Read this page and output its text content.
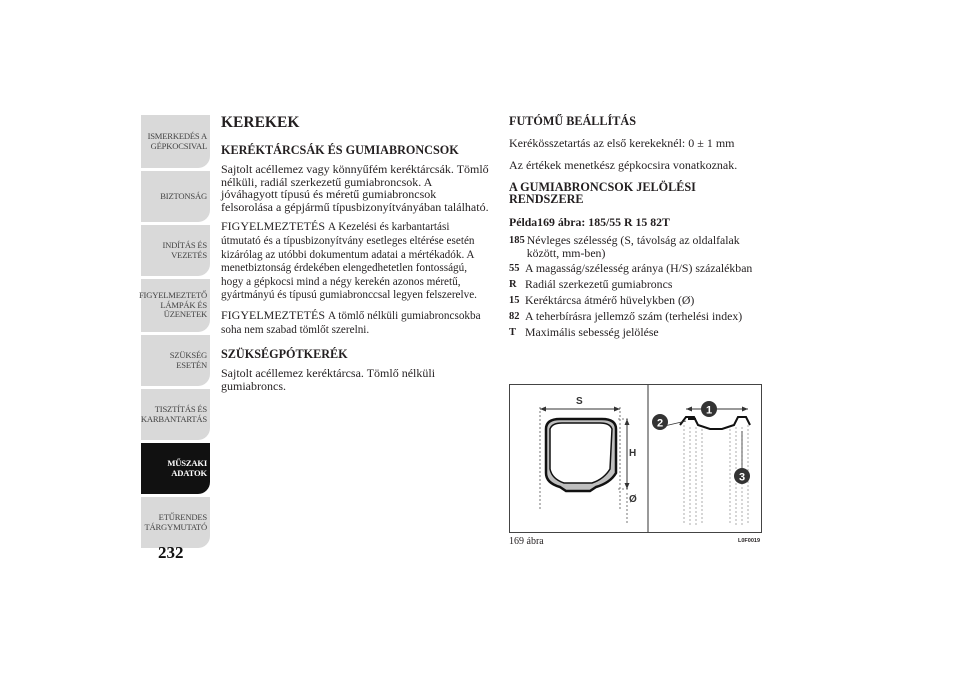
ISMERKEDÉS A GÉPKOCSIVAL
BIZTONSÁG
INDÍTÁS ÉS VEZETÉS
FIGYELMEZTETŐ LÁMPÁK ÉS ÜZENETEK
SZÜKSÉG ESETÉN
TISZTÍTÁS ÉS KARBANTARTÁS
MŰSZAKI ADATOK
ETŰRENDES TÁRGYMUTATÓ
232
KEREKEK
KERÉKTÁRCSÁK ÉS GUMIABRONCSOK
Sajtolt acéllemez vagy könnyűfém keréktárcsák. Tömlő nélküli, radiál szerkezetű gumiabroncsok. A jóváhagyott típusú és méretű gumiabroncsok felsorolása a gépjármű típusbizonyítványában található.
FIGYELMEZTETÉS A Kezelési és karbantartási útmutató és a típusbizonyítvány esetleges eltérése esetén kizárólag az utóbbi dokumentum adatai a mértékadók. A menetbiztonság érdekében elengedhetetlen fontosságú, hogy a gépkocsi mind a négy kerekén azonos méretű, gyártmányú és típusú gumiabronccsal legyen felszerelve.
FIGYELMEZTETÉS A tömlő nélküli gumiabroncsokba soha nem szabad tömlőt szerelni.
SZÜKSÉGPÓTKERÉK
Sajtolt acéllemez keréktárcsa. Tömlő nélküli gumiabroncs.
FUTÓMŰ BEÁLLÍTÁS
Kerékösszetartás az első kerekeknél: 0 ± 1 mm
Az értékek menetkész gépkocsira vonatkoznak.
A GUMIABRONCSOK JELÖLÉSI RENDSZERE
Példa169 ábra: 185/55 R 15 82T
185 Névleges szélesség (S, távolság az oldalfalak között, mm-ben)
55 A magasság/szélesség aránya (H/S) százalékban
R Radiál szerkezetű gumiabroncs
15 Keréktárcsa átmérő hüvelykben (Ø)
82 A teherbírásra jellemző szám (terhelési index)
T Maximális sebesség jelölése
S
H
Ø
1
2
3
169 ábra	L0F0019
